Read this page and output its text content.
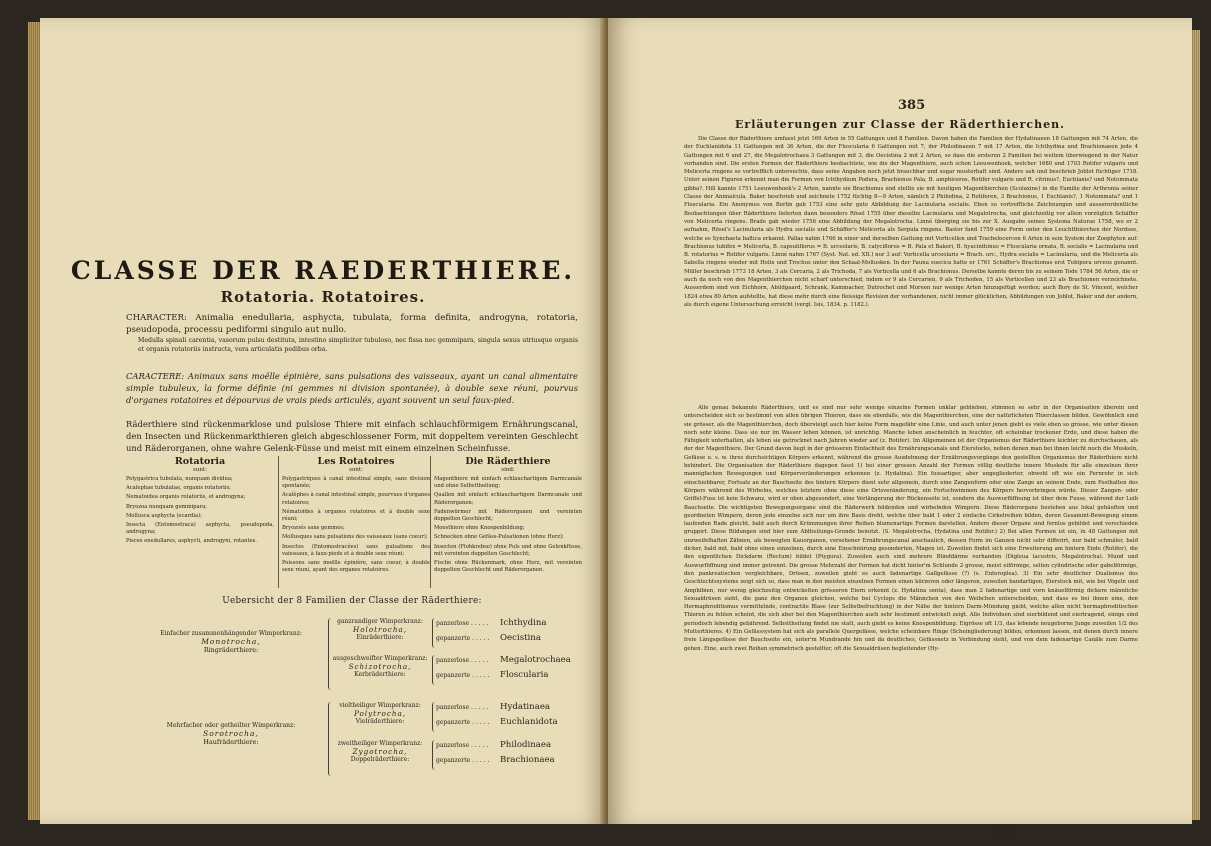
CLASSE DER RAEDERTHIERE.
Rotatoria. Rotatoires.
CHARACTER: Animalia enedullaria, asphycta, tubulata, forma definita, androgyna, rotatoria, pseudopoda, processu pediformi singulo aut nullo.
Medulla spinali carentia, vasorum pulsu destituta, intestino simpliciter tubuloso, nec fissa nec gemmipara, singula sexus utriusque organis et organis rotatoriis instructa, vera articulatis pedibus orba.
CARACTERE: Animaux sans moëlle épinière, sans pulsations des vaisseaux, ayant un canal alimentaire simple tubuleux, la forme définie (ni gemmes ni division spontanée), à double sexe réuni, pourvus d'organes rotatoires et dépourvus de vrais pieds articulés, ayant souvent un seul faux-pied.
Räderthiere sind rückenmarklose und pulslose Thiere mit einfach schlauchförmigem Ernährungscanal, den Insecten und Rückenmarkthieren gleich abgeschlossener Form, mit doppeltem vereinten Geschlecht und Räderorganen, ohne wahre Gelenk-Füsse und meist mit einem einzelnen Scheinfusse.
Rotatoria
sunt:
Polygastrica tubulata, nunquam dividua;
Acalephae tubulatae, organis rotatoriis;
Nematoidea organis rotatoriis, et androgyna;
Bryozoa nunquam gemmipara;
Mollusca asphycta (ecardia);
Insecta (Entomostraca) asphycta, pseudopoda, androgyna;
Pisces enedullares, asphycti, androgyni, rotantes.
Les Rotatoires
sont:
Polygastriques à canal intestinal simple, sans division spontanée;
Acalèphes à canal intestinal simple, pourvues d'organes rotatoires;
Nématoïdes à organes rotatoires et à double sexe réuni;
Bryozoés sans gemmes;
Mollusques sans pulsations des vaisseaux (sans coeur);
Insectes (Entomostracées) sans pulsations des vaisseaux, à faux-pieds et à double sexe réuni;
Poissons sans moëlle épinière, sans coeur, à double sexe réuni, ayant des organes rotatoires.
Die Räderthiere
sind:
Magenthiere mit einfach schlauchartigem Darmcanale und ohne Selbsttheilung;
Quallen mit einfach schlauchartigem Darmcanale und Räderorganen;
Fadenwürmer mit Räderorganen und vereinten doppelten Geschlecht;
Moosthiere ohne Knospenbildung;
Schnecken ohne Gefäss-Pulsationen (ohne Herz);
Insecten (Flohkrebse) ohne Puls und ohne Gelenkfüsse, mit vereinten doppelten Geschlecht;
Fische ohne Rückenmark, ohne Herz, mit vereinten doppelten Geschlecht und Räderorganen.
Uebersicht der 8 Familien der Classe der Räderthiere:
Einfacher zusammenhängender Wimperkranz:
Monotrocha,
Ringräderthiere:
ganzrandiger Wimperkranz:
Holotrocha,
Einräderthiere:
ausgeschweifter Wimperkranz:
Schizotrocha,
Kerbräderthiere:
panzerlose . . . . . Ichthydina
gepanzerte . . . . . Oecistina
panzerlose . . . . . Megalotrochaea
gepanzerte . . . . . Floscularia
Mehrfacher oder getheilter Wimperkranz:
Sorotrocha,
Haufräderthiere:
vieltheiliger Wimperkranz:
Polytrocha,
Vielräderthiere:
zweitheiliger Wimperkranz:
Zygotrocha,
Doppelräderthiere:
panzerlose . . . . . Hydatinaea
gepanzerte . . . . . Euchlanidota
panzerlose . . . . . Philodinaea
gepanzerte . . . . . Brachionaea
385
Erläuterungen zur Classe der Räderthierchen.
Die Classe der Räderthiere umfasst jetzt 169 Arten in 55 Gattungen und 8 Familien. Davon haben die Familien der Hydatinaeen 18 Gattungen mit 74 Arten, die der Euchlanidota 11 Gattungen mit 36 Arten, die der Floscularia 6 Gattungen mit 7, der Philodinaeen 7 mit 17 Arten, die Ichthydina und Brachionaeen jede 4 Gattungen mit 6 und 27, die Megalotrochaea 3 Gattungen mit 3, die Oecistina 2 mit 2 Arten, so dass die ersteren 2 Familien bei weitem überwiegend in der Natur vorhanden sind. Die ersten Formen der Räderthiere beobachtete, wie die der Magenthiere, auch schon Leeuwenhoek, welcher 1680 und 1703 Rotifer vulgaris und Melicerta ringens so vortrefflich untersuchte, dass seine Angaben noch jetzt brauchbar und sogar musterhaft sind. Andere sah und beschrieb Joblot füchtiger 1718. Unter seinen Figuren erkennt man die Formen von Ichthydium Podura, Brachionus Pala, B. amphiceros, Rotifer vulgaris und R. citrinus?, Euchlanis? und Notommata gibba?. Hill kannte 1751 Leeuwenhoek's 2 Arten, nannte sie Brachionus und stellte sie mit heutigen Magenthierchen (Scolaxine) in die Familie der Arthronia seiner Classe der Animalcula. Baker beschrieb und zeichnete 1752 füchtig 8—9 Arten, nämlich 2 Philodina, 2 Rotiferen, 3 Brachionus, 1 Euchlanis?, 1 Notommata? und 1 Floscularia. Ein Anonymus von Berlin gab 1753 eine sehr gute Abbildung der Lacinularia socialis. Eben so vortreffliche Zeichnungen und ausserordentliche Beobachtungen über Räderthiere lieferten dann besonders Rösel 1755 über dieselbe Lacinularia und Megalotrocha, und gleichzeitig vor allem vorzüglich Schäffer von Melicerta ringens. Brade gab wieder 1756 eine Abbildung der Megalotrocha. Linné überging sie bis zur X. Ausgabe seines Systema Naturae 1758, wo er 2 aufnahm, Rösel's Lacinularia als Hydra socialis und Schäffer's Melicerta als Serpula ringens. Baster fand 1759 eine Form unter den Leuchtthierchen der Nordsee, welche es Synchaeta baltica erkannt. Pallas nahm 1766 in einer und derselben Gattung mit Vorticellen und Trachelocercen 6 Arten in sein System der Zoophyten auf: Brachionus tubifex = Melicerta, B. capsuliflorus = B. urceolaris, B. calyciflorus = B. Pala et Bakeri, B. hyacinthinus = Floscularia ornata, B. socialis = Lacinularia und B. rotatorius = Rotifer vulgaris. Linné nahm 1767 (Syst. Nat. ed. XII.) nur 3 auf: Vorticella urceolaris = Brach. urc., Hydra socialis = Lacinularia, und die Melicerta als Sabella ringens wieder mit Helix und Trochus unter den Schaal-Mollusken. In der Fauna suecica hatte er 1761 Schäffer's Brachionus erst Tubipora urceus genannt. Müller beschrieb 1773 18 Arten, 3 als Cercaria, 2 als Trichoda, 7 als Vorticella und 6 als Brachionus. Derselbe kannte deren bis zu seinem Tode 1784 56 Arten, die er auch da noch von den Magenthierchen nicht scharf unterschied, indem er 9 als Cercarien, 9 als Trichoden, 15 als Vorticellen und 23 als Brachionen verzeichnete. Ausserdem sind von Eichhorn, Abildgaard, Schrank, Kammacher, Dutrochet und Moreen nur wenige Arten hinzugefügt worden; auch Bory de St. Vincent, welcher 1824 etwa 80 Arten aufstellte, hat diese mehr durch eine fleissige Revision der vorhandenen, nicht immer glücklichen, Abbildungen von Joblot, Baker und der andern, als durch eigene Untersuchung erreicht (vergl. Isis, 1834. p. 1182.).
Alle genau bekannte Räderthiere, und es sind nur sehr wenige einzelne Formen unklar geblieben, stimmen so sehr in der Organisation überein und unterscheiden sich so bestimmt von allen übrigen Thieren, dass sie ebenfalls, wie die Magenthierchen, eine der natürlichsten Thierclassen bilden. Gewöhnlich sind sie grösser, als die Magenthierchen, doch übersteigt auch hier keine Form magefähr eine Linie, und auch unter jenen giebt es viele eben so grosse, wie unter diesen noch sehr kleine. Dass sie nur im Wasser leben können, ist unrichtig. Manche leben anscheinlich in feuchter, oft scheinbar trockener Erde, und diese haben die Fähigkeit unterhalten, als leben sie getrocknet nach Jahren wieder auf (z. Rotifer). Im Allgemeinen ist der Organismus der Räderthiere leichter zu durchschauen, als der der Magenthiere. Der Grund davon liegt in der grösseren Einfachheit des Ernährungscanals und Eierstocks, neben denen man bei ihnen leicht noch die Muskeln, Gefässe u. s. w. ihres durchsichtigen Körpers erkennt, während die grosse Ausdehnung der Ernährungsvorgänge den gestellten Organismus der Räderthiere nicht behindert. Die Organisation der Räderthiere dagegen fasst 1) bei einer grossen Anzahl der Formen völlig deutliche innere Muskeln für alle einzelnen ihrer mannigfachen Bewegungen und Körperveränderungen erkennen (z. Hydatina). Ein fussartiger, aber ungegliederter, obwohl oft wie ein Fernrohr in sich einschiebbarer, Fortsatz an der Bauchseite des hintern Körpers dient sehr allgemein, durch eine Zangenform oder eine Zange an seinem Ende, zum Festhalten des Körpers während des Wirbelns, welches letztere ohne diese eine Ortsveränderung, ein Fortschwimmen des Körpers hervorbringen würde. Dieser Zangen- oder Griffel-Fuss ist kein Schwanz, wird er oben abgesondert, eine Verlängerung der Rückenseite ist, sondern die Auswurföffnung ist über dem Fusse, während der Leib Bauchseite. Die wichtigsten Bewegungsorgane sind die Räderwerk bildenden und wirbelnden Wimpern. Diese Räderorgane bestehen aus lokal gehäuften und geordneten Wimpern, deren jede einzelne sich nur um ihre Basis dreht, welche über bald 1 oder 2 einfache Cirkelreihen bilden, deren Gesammt-Bewegung einem laufenden Rade gleicht, bald auch durch Krümmungen ihrer Reihen blumenartige Formen darstellen. Andere dieser Organe sind fernlos gebildet und verschieden gruppirt. Diese Bildungen sind hier zum Abtheilungs-Grunde benutzt. (S. Megalotrocha, Hydatina und Rotifer.) 2) Bei allen Formen ist ein, in 48 Gattungen mit unzweifelhaften Zähnen, als bewegten Kauorganen, versehener Ernährungscanal anschaulich, dessen Form im Ganzen nicht sehr differirt, nur bald schmäler, bald dicker, bald mit, bald ohne einen einzelnen, durch eine Einschnürung gesonderten, Magen ist. Zuweilen findet sich eine Erweiterung am hintern Ende (Rotifer), die den eigentlichen Dickdarm (Rectum) bildet (Ptygura). Zuweilen auch sind mehrere Blinddärme vorhanden (Digleua lacustris, Megalotrocha). Mund und Auswurföffnung sind immer getrennt. Die grosse Mehrzahl der Formen hat dicht hinter'm Schlunde 2 grosse, meist eiförmige, selten cylindrische oder gabelförmige, den pankreatischen vergleichbare, Drüsen, zuweilen giebt es auch fadenartige Gallgefässe (?) (s. Enteroplea). 3) Ein sehr deutlicher Dualismus des Geschlechtssystems zeigt sich so, dass man in den meisten einzelnen Formen einen kürzeren oder längeren, zuweilen bandartigen, Eierstock mit, wie bei Vögeln und Amphibien, nur wenig gleichzeitig entwickelten grösseren Eiern erkennt (z. Hydatina senta), dass man 2 fadenartige und vorn knäuelförmig dickere männliche Sexualdrüsen sieht, die ganz den Organen gleichen, welche bei Cyclops die Männchen von den Weibchen unterscheiden, und dass es bei ihnen eine, den Hermaphroditismus vermittelnde, contractile Blase (zur Selbstbefruchtung) in der Nähe der hintern Darm-Mündung giebt, welche allen nicht hermaphroditischen Thieren zu fehlen scheint, die sich aber bei den Magenthierchen auch sehr bestimmt entwickelt zeigt. Alle Individuen sind eierbildend und eiertragend, einige sind periodisch lebendig gebährend. Selbsttheilung findet nie statt, auch giebt es keine Knospenbildung. Eigrösse oft 1/3, das lebende neugeborne Junge zuweilen 1/2 des Mutterthieres. 4) Ein Gefässsystem hat sich als parallele Quergefässe, welche scheinbare Ringe (Scheingliederung) bilden, erkennen lassen, mit denen durch innere freie Längsgefässe der Bauchseite ein, unter'm Mundrande hin und da deutliches, Gefässnetz in Verbindung steht, und von dem fadenartige Canäle zum Darme gehen. Eine, auch zwei Reihen symmetrisch gestellter, oft die Sexualdrüsen begleitender (Hy-
97
